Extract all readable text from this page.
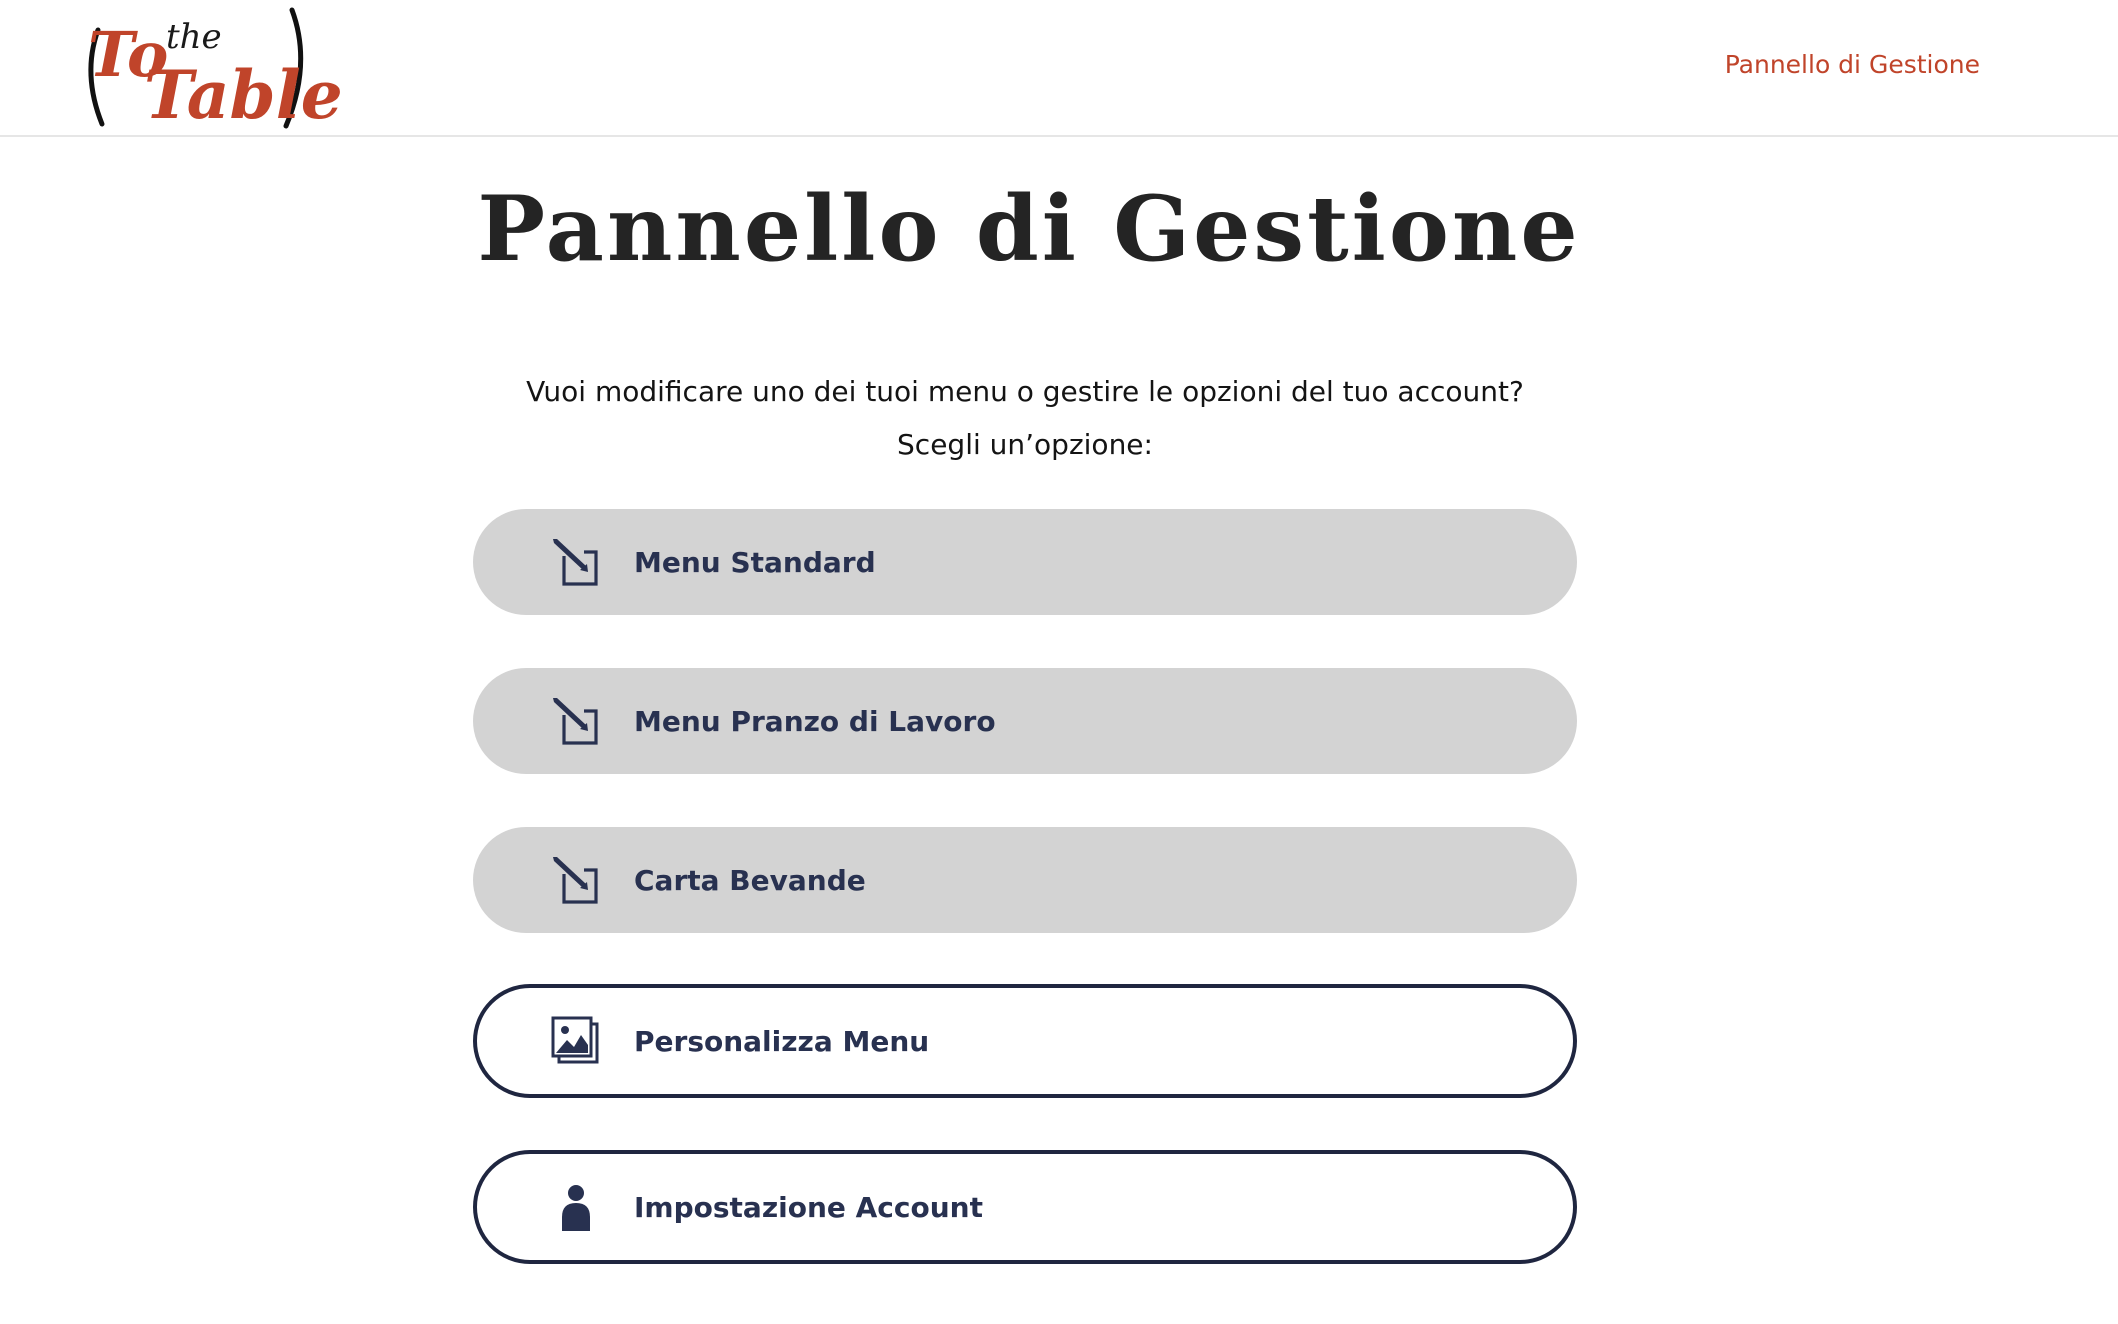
To
the
Table	Pannello di Gestione
Pannello di Gestione
Vuoi modificare uno dei tuoi menu o gestire le opzioni del tuo account?
Scegli un’opzione:
Menu Standard
Menu Pranzo di Lavoro
Carta Bevande
Personalizza Menu
Impostazione Account
